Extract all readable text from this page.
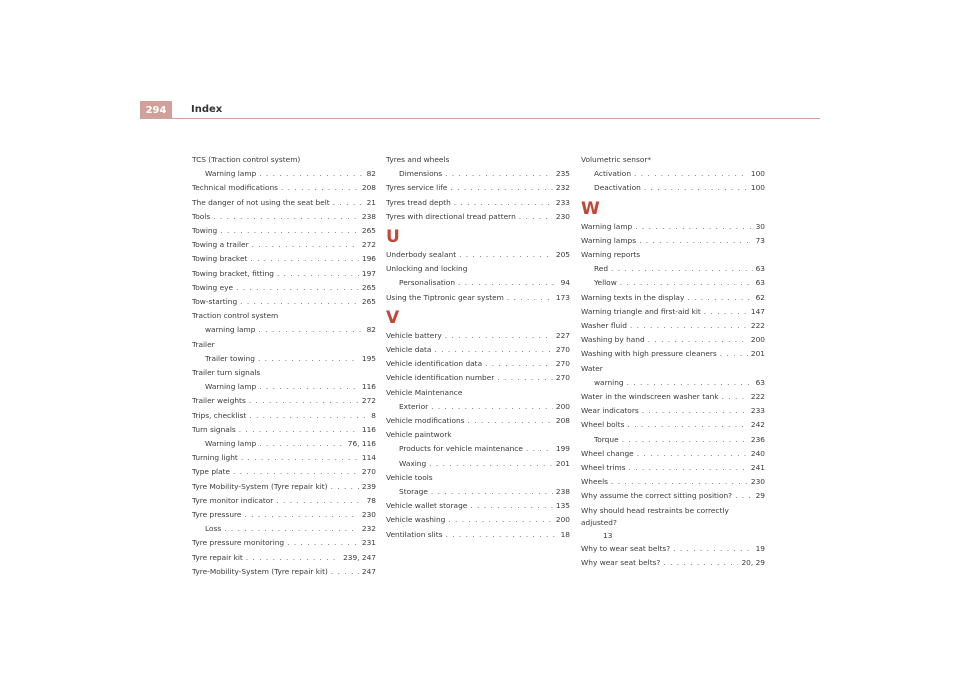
294	Index
TCS (Traction control system)
Warning lamp . . .	82
Technical modifications . . .	208
The danger of not using the seat belt . . .	21
Tools . . .	238
Towing . . .	265
Towing a trailer . . .	272
Towing bracket . . .	196
Towing bracket, fitting . . .	197
Towing eye . . .	265
Tow-starting . . .	265
Traction control system
warning lamp . . .	82
Trailer
Trailer towing . . .	195
Trailer turn signals
Warning lamp . . .	116
Trailer weights . . .	272
Trips, checklist . . .	8
Turn signals . . .	116
Warning lamp . . .	76, 116
Turning light . . .	114
Type plate . . .	270
Tyre Mobility-System (Tyre repair kit) . . .	239
Tyre monitor indicator . . .	78
Tyre pressure . . .	230
Loss . . .	232
Tyre pressure monitoring . . .	231
Tyre repair kit . . .	239, 247
Tyre-Mobility-System (Tyre repair kit) . . .	247
Tyres and wheels
Dimensions . . .	235
Tyres service life . . .	232
Tyres tread depth . . .	233
Tyres with directional tread pattern . . .	230
U
Underbody sealant . . .	205
Unlocking and locking
Personalisation . . .	94
Using the Tiptronic gear system . . .	173
V
Vehicle battery . . .	227
Vehicle data . . .	270
Vehicle identification data . . .	270
Vehicle identification number . . .	270
Vehicle Maintenance
Exterior . . .	200
Vehicle modifications . . .	208
Vehicle paintwork
Products for vehicle maintenance . . .	199
Waxing . . .	201
Vehicle tools
Storage . . .	238
Vehicle wallet storage . . .	135
Vehicle washing . . .	200
Ventilation slits . . .	18
Volumetric sensor*
Activation . . .	100
Deactivation . . .	100
W
Warning lamp . . .	30
Warning lamps . . .	73
Warning reports
Red . . .	63
Yellow . . .	63
Warning texts in the display . . .	62
Warning triangle and first-aid kit . . .	147
Washer fluid . . .	222
Washing by hand . . .	200
Washing with high pressure cleaners . . .	201
Water
warning . . .	63
Water in the windscreen washer tank . . .	222
Wear indicators . . .	233
Wheel bolts . . .	242
Torque . . .	236
Wheel change . . .	240
Wheel trims . . .	241
Wheels . . .	230
Why assume the correct sitting position? . . .	29
Why should head restraints be correctly adjusted?
13
Why to wear seat belts? . . .	19
Why wear seat belts? . . .	20, 29
